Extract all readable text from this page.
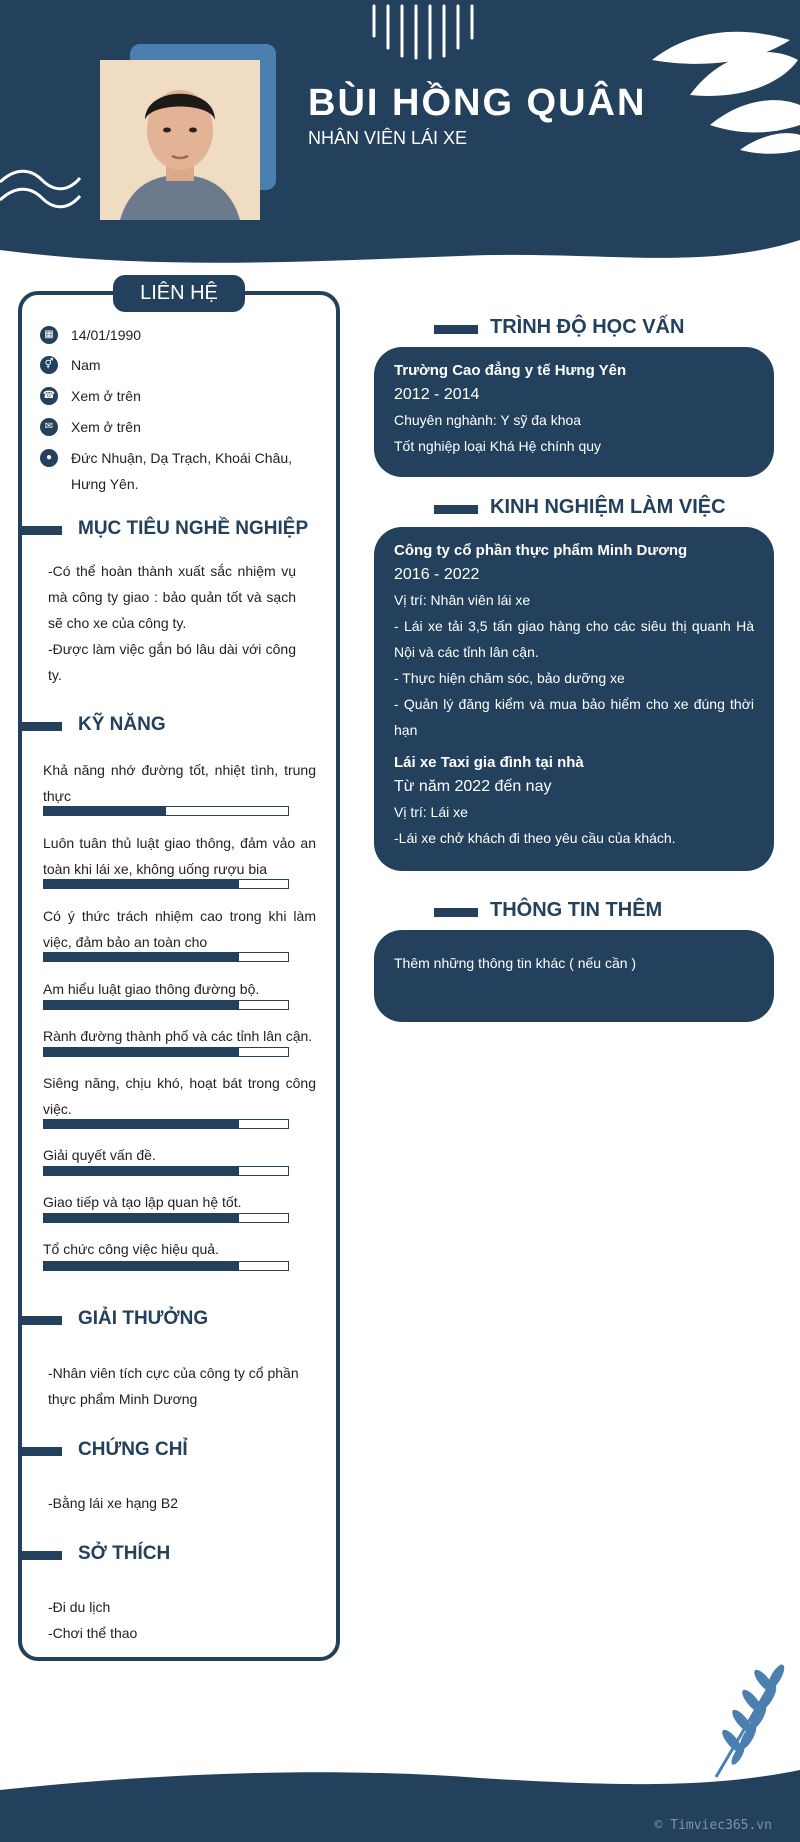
BÙI HỒNG QUÂN
NHÂN VIÊN LÁI XE
LIÊN HỆ
▦	14/01/1990
⚥	Nam
☎ Xem ở trên
✉	Xem ở trên
●	Đức Nhuận, Dạ Trạch, Khoái Châu, Hưng Yên.
MỤC TIÊU NGHỀ NGHIỆP
-Có thể hoàn thành xuất sắc nhiệm vụ mà công ty giao : bảo quản tốt và sạch sẽ cho xe của công ty.
-Được làm việc gắn bó lâu dài với công ty.
KỸ NĂNG
Khả năng nhớ đường tốt, nhiệt tình, trung thực
Luôn tuân thủ luật giao thông, đảm vảo an toàn khi lái xe, không uống rượu bia
Có ý thức trách nhiệm cao trong khi làm việc, đảm bảo an toàn cho
Am hiểu luật giao thông đường bộ.
Rành đường thành phố và các tỉnh lân cận.
Siêng năng, chịu khó, hoạt bát trong công việc.
Giải quyết vấn đề.
Giao tiếp và tạo lập quan hệ tốt.
Tổ chức công việc hiệu quả.
GIẢI THƯỞNG
-Nhân viên tích cực của công ty cổ phần thực phẩm Minh Dương
CHỨNG CHỈ
-Bằng lái xe hạng B2
SỞ THÍCH
-Đi du lịch
-Chơi thể thao
TRÌNH ĐỘ HỌC VẤN
Trường Cao đẳng y tế Hưng Yên
2012 - 2014
Chuyên nghành: Y sỹ đa khoa
Tốt nghiệp loại Khá Hệ chính quy
KINH NGHIỆM LÀM VIỆC
Công ty cổ phần thực phẩm Minh Dương
2016 - 2022
Vị trí: Nhân viên lái xe
- Lái xe tải 3,5 tấn giao hàng cho các siêu thị quanh Hà Nội và các tỉnh lân cận.
- Thực hiện chăm sóc, bảo dưỡng xe
- Quản lý đăng kiểm và mua bảo hiểm cho xe đúng thời hạn
Lái xe Taxi gia đình tại nhà
Từ năm 2022 đến nay
Vị trí: Lái xe
-Lái xe chở khách đi theo yêu cầu của khách.
THÔNG TIN THÊM
Thêm những thông tin khác ( nếu cần )
© Timviec365.vn
